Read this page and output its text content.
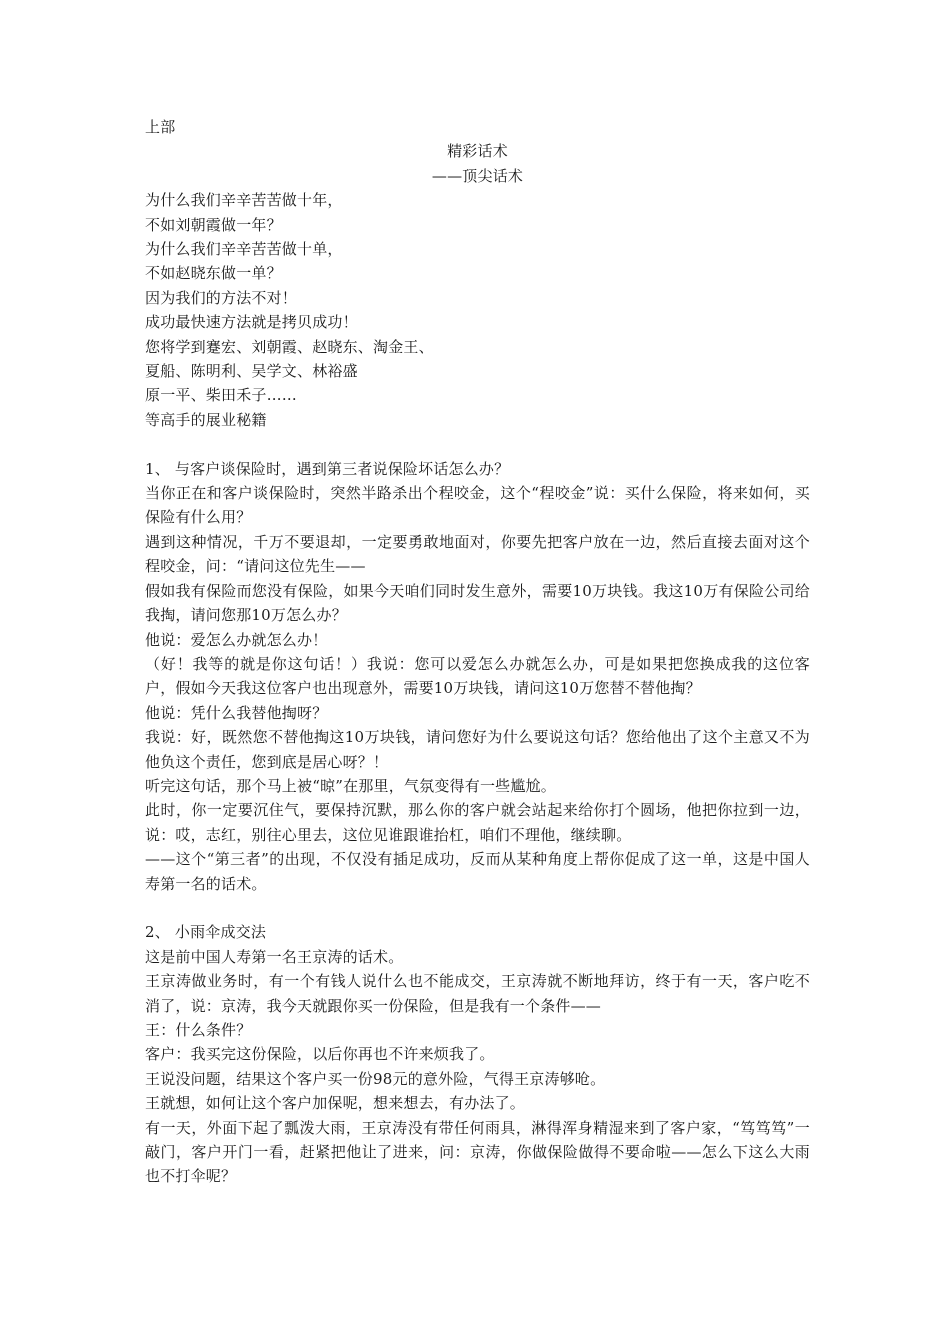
上部

精彩话术

——顶尖话术

为什么我们辛辛苦苦做十年，

不如刘朝霞做一年？

为什么我们辛辛苦苦做十单，

不如赵晓东做一单？

因为我们的方法不对！

成功最快速方法就是拷贝成功！

您将学到蹇宏、刘朝霞、赵晓东、淘金王、

夏船、陈明利、吴学文、林裕盛

原一平、柴田禾子……

等高手的展业秘籍

1、 与客户谈保险时，遇到第三者说保险坏话怎么办？

当你正在和客户谈保险时，突然半路杀出个程咬金，这个“程咬金”说：买什么保险，将来如何，买保险有什么用？

遇到这种情况，千万不要退却，一定要勇敢地面对，你要先把客户放在一边，然后直接去面对这个程咬金，问：“请问这位先生——

假如我有保险而您没有保险，如果今天咱们同时发生意外，需要10万块钱。我这10万有保险公司给我掏，请问您那10万怎么办？

他说：爱怎么办就怎么办！

（好！我等的就是你这句话！）我说：您可以爱怎么办就怎么办，可是如果把您换成我的这位客户，假如今天我这位客户也出现意外，需要10万块钱，请问这10万您替不替他掏？

他说：凭什么我替他掏呀？

我说：好，既然您不替他掏这10万块钱，请问您好为什么要说这句话？您给他出了这个主意又不为他负这个责任，您到底是居心呀？！

听完这句话，那个马上被“晾”在那里，气氛变得有一些尴尬。

此时，你一定要沉住气，要保持沉默，那么你的客户就会站起来给你打个圆场，他把你拉到一边，说：哎，志红，别往心里去，这位见谁跟谁抬杠，咱们不理他，继续聊。

——这个“第三者”的出现，不仅没有插足成功，反而从某种角度上帮你促成了这一单，这是中国人寿第一名的话术。

2、 小雨伞成交法

这是前中国人寿第一名王京涛的话术。

王京涛做业务时，有一个有钱人说什么也不能成交，王京涛就不断地拜访，终于有一天，客户吃不消了，说：京涛，我今天就跟你买一份保险，但是我有一个条件——

王：什么条件？

客户：我买完这份保险，以后你再也不许来烦我了。

王说没问题，结果这个客户买一份98元的意外险，气得王京涛够呛。

王就想，如何让这个客户加保呢，想来想去，有办法了。

有一天，外面下起了瓢泼大雨，王京涛没有带任何雨具，淋得浑身精湿来到了客户家，“笃笃笃”一敲门，客户开门一看，赶紧把他让了进来，问：京涛，你做保险做得不要命啦——怎么下这么大雨也不打伞呢？
